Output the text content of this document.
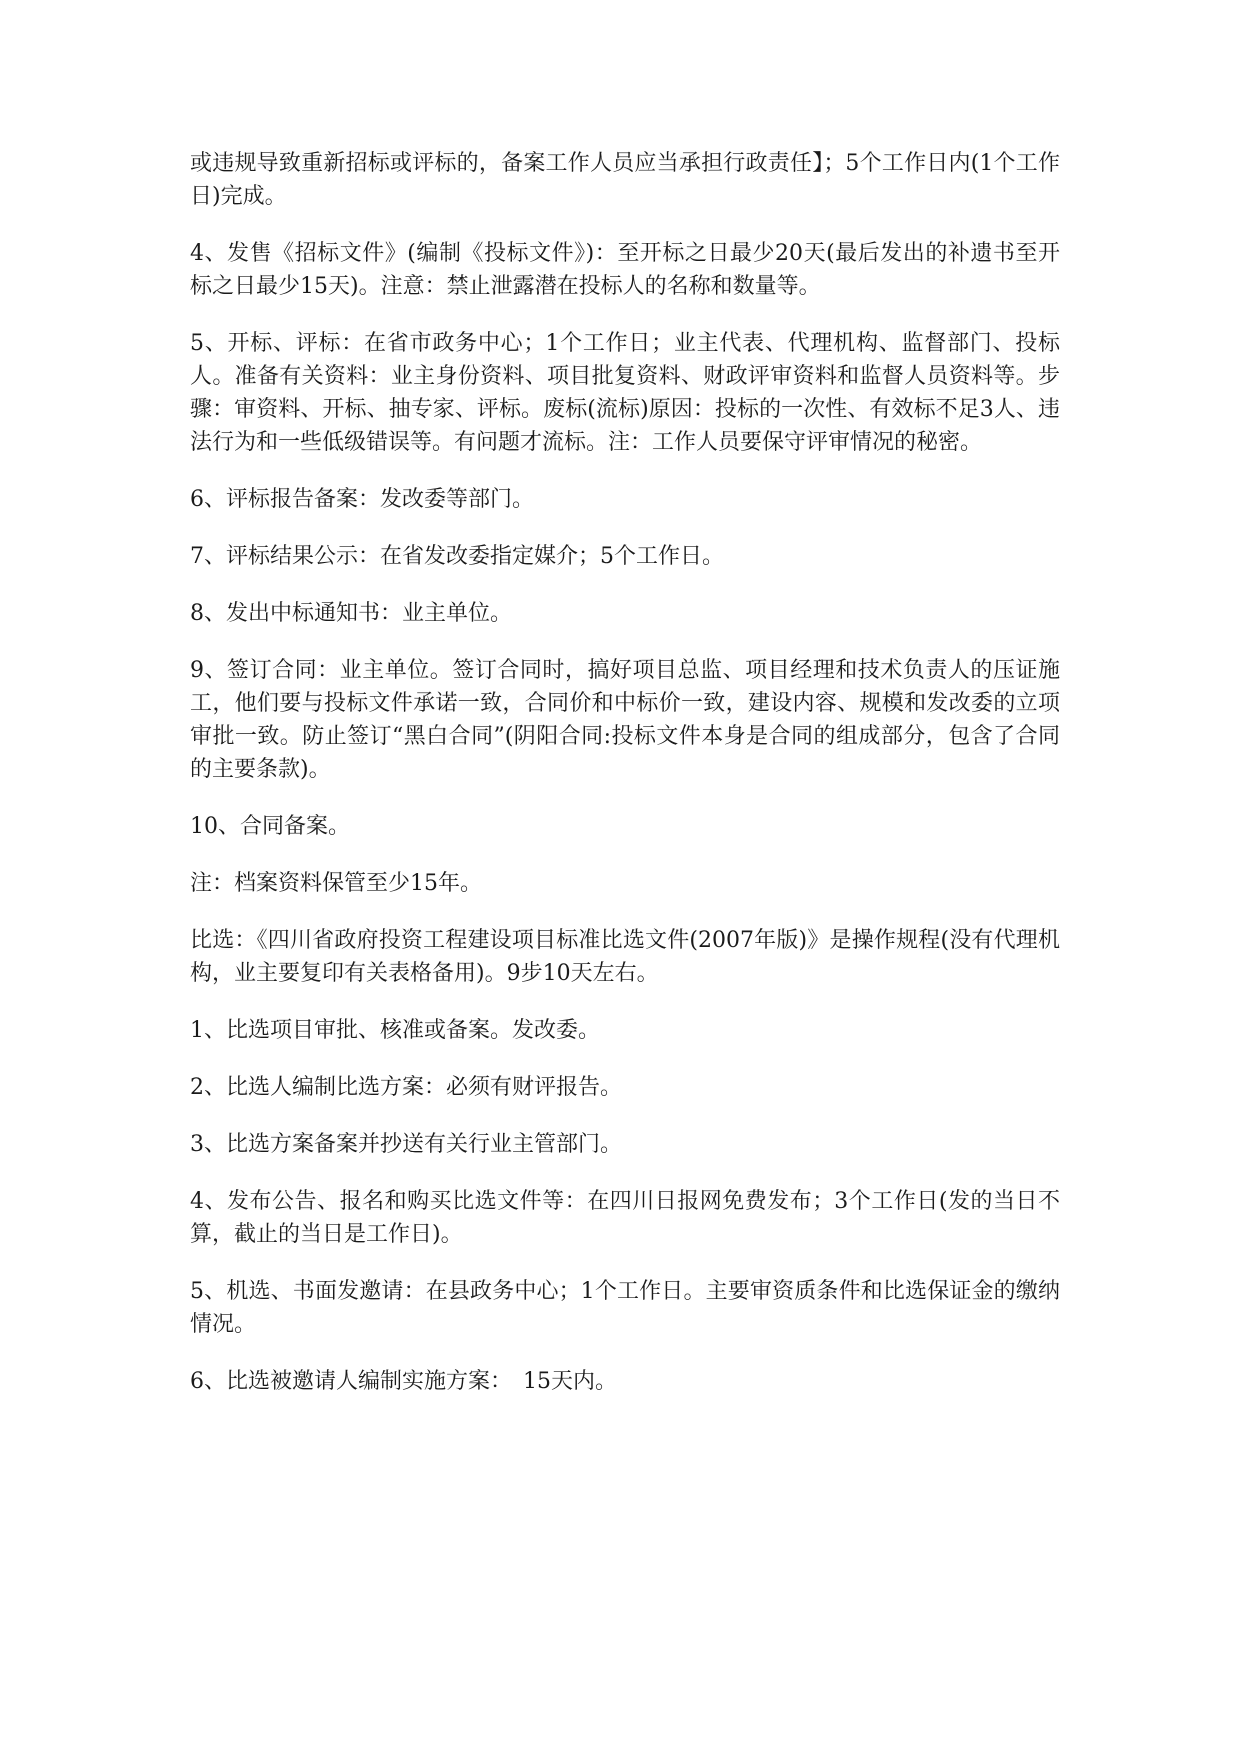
或违规导致重新招标或评标的，备案工作人员应当承担行政责任】；5个工作日内(1个工作日)完成。

4、发售《招标文件》(编制《投标文件》)：至开标之日最少20天(最后发出的补遗书至开标之日最少15天)。注意：禁止泄露潜在投标人的名称和数量等。

5、开标、评标：在省市政务中心；1个工作日；业主代表、代理机构、监督部门、投标人。准备有关资料：业主身份资料、项目批复资料、财政评审资料和监督人员资料等。步骤：审资料、开标、抽专家、评标。废标(流标)原因：投标的一次性、有效标不足3人、违法行为和一些低级错误等。有问题才流标。注：工作人员要保守评审情况的秘密。

6、评标报告备案：发改委等部门。

7、评标结果公示：在省发改委指定媒介；5个工作日。

8、发出中标通知书：业主单位。

9、签订合同：业主单位。签订合同时，搞好项目总监、项目经理和技术负责人的压证施工，他们要与投标文件承诺一致，合同价和中标价一致，建设内容、规模和发改委的立项审批一致。防止签订“黑白合同”(阴阳合同:投标文件本身是合同的组成部分，包含了合同的主要条款)。

10、合同备案。

注：档案资料保管至少15年。

比选：《四川省政府投资工程建设项目标准比选文件(2007年版)》是操作规程(没有代理机构，业主要复印有关表格备用)。9步10天左右。

1、比选项目审批、核准或备案。发改委。

2、比选人编制比选方案：必须有财评报告。

3、比选方案备案并抄送有关行业主管部门。

4、发布公告、报名和购买比选文件等：在四川日报网免费发布；3个工作日(发的当日不算，截止的当日是工作日)。

5、机选、书面发邀请：在县政务中心；1个工作日。主要审资质条件和比选保证金的缴纳情况。

6、比选被邀请人编制实施方案：　15天内。
